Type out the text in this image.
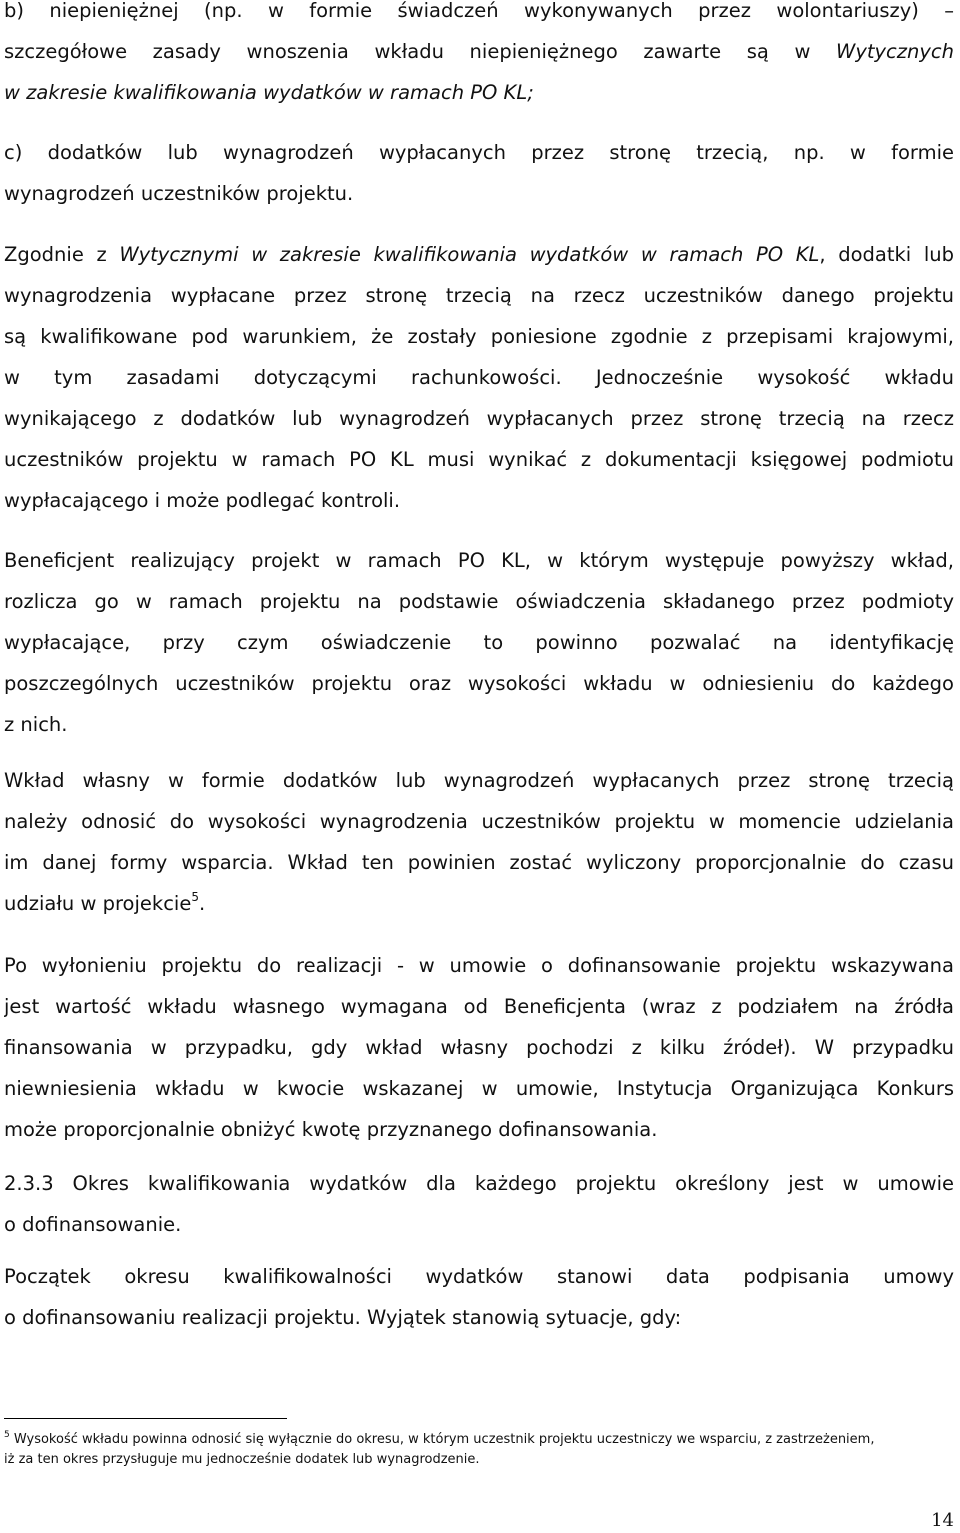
b) niepieniężnej (np. w formie świadczeń wykonywanych przez wolontariuszy) –
szczegółowe zasady wnoszenia wkładu niepieniężnego zawarte są w Wytycznych
w zakresie kwalifikowania wydatków w ramach PO KL;
c) dodatków lub wynagrodzeń wypłacanych przez stronę trzecią, np. w formie
wynagrodzeń uczestników projektu.
Zgodnie z Wytycznymi w zakresie kwalifikowania wydatków w ramach PO KL, dodatki lub
wynagrodzenia wypłacane przez stronę trzecią na rzecz uczestników danego projektu
są kwalifikowane pod warunkiem, że zostały poniesione zgodnie z przepisami krajowymi,
w tym zasadami dotyczącymi rachunkowości. Jednocześnie wysokość wkładu
wynikającego z dodatków lub wynagrodzeń wypłacanych przez stronę trzecią na rzecz
uczestników projektu w ramach PO KL musi wynikać z dokumentacji księgowej podmiotu
wypłacającego i może podlegać kontroli.
Beneficjent realizujący projekt w ramach PO KL, w którym występuje powyższy wkład,
rozlicza go w ramach projektu na podstawie oświadczenia składanego przez podmioty
wypłacające, przy czym oświadczenie to powinno pozwalać na identyfikację
poszczególnych uczestników projektu oraz wysokości wkładu w odniesieniu do każdego
z nich.
Wkład własny w formie dodatków lub wynagrodzeń wypłacanych przez stronę trzecią
należy odnosić do wysokości wynagrodzenia uczestników projektu w momencie udzielania
im danej formy wsparcia. Wkład ten powinien zostać wyliczony proporcjonalnie do czasu
udziału w projekcie$^5$.
Po wyłonieniu projektu do realizacji - w umowie o dofinansowanie projektu wskazywana
jest wartość wkładu własnego wymagana od Beneficjenta (wraz z podziałem na źródła
finansowania w przypadku, gdy wkład własny pochodzi z kilku źródeł). W przypadku
niewniesienia wkładu w kwocie wskazanej w umowie, Instytucja Organizująca Konkurs
może proporcjonalnie obniżyć kwotę przyznanego dofinansowania.
2.3.3 Okres kwalifikowania wydatków dla każdego projektu określony jest w umowie
o dofinansowanie.
Początek okresu kwalifikowalności wydatków stanowi data podpisania umowy
o dofinansowaniu realizacji projektu. Wyjątek stanowią sytuacje, gdy:
$^5$ Wysokość wkładu powinna odnosić się wyłącznie do okresu, w którym uczestnik projektu uczestniczy we wsparciu, z zastrzeżeniem,
iż za ten okres przysługuje mu jednocześnie dodatek lub wynagrodzenie.
14
